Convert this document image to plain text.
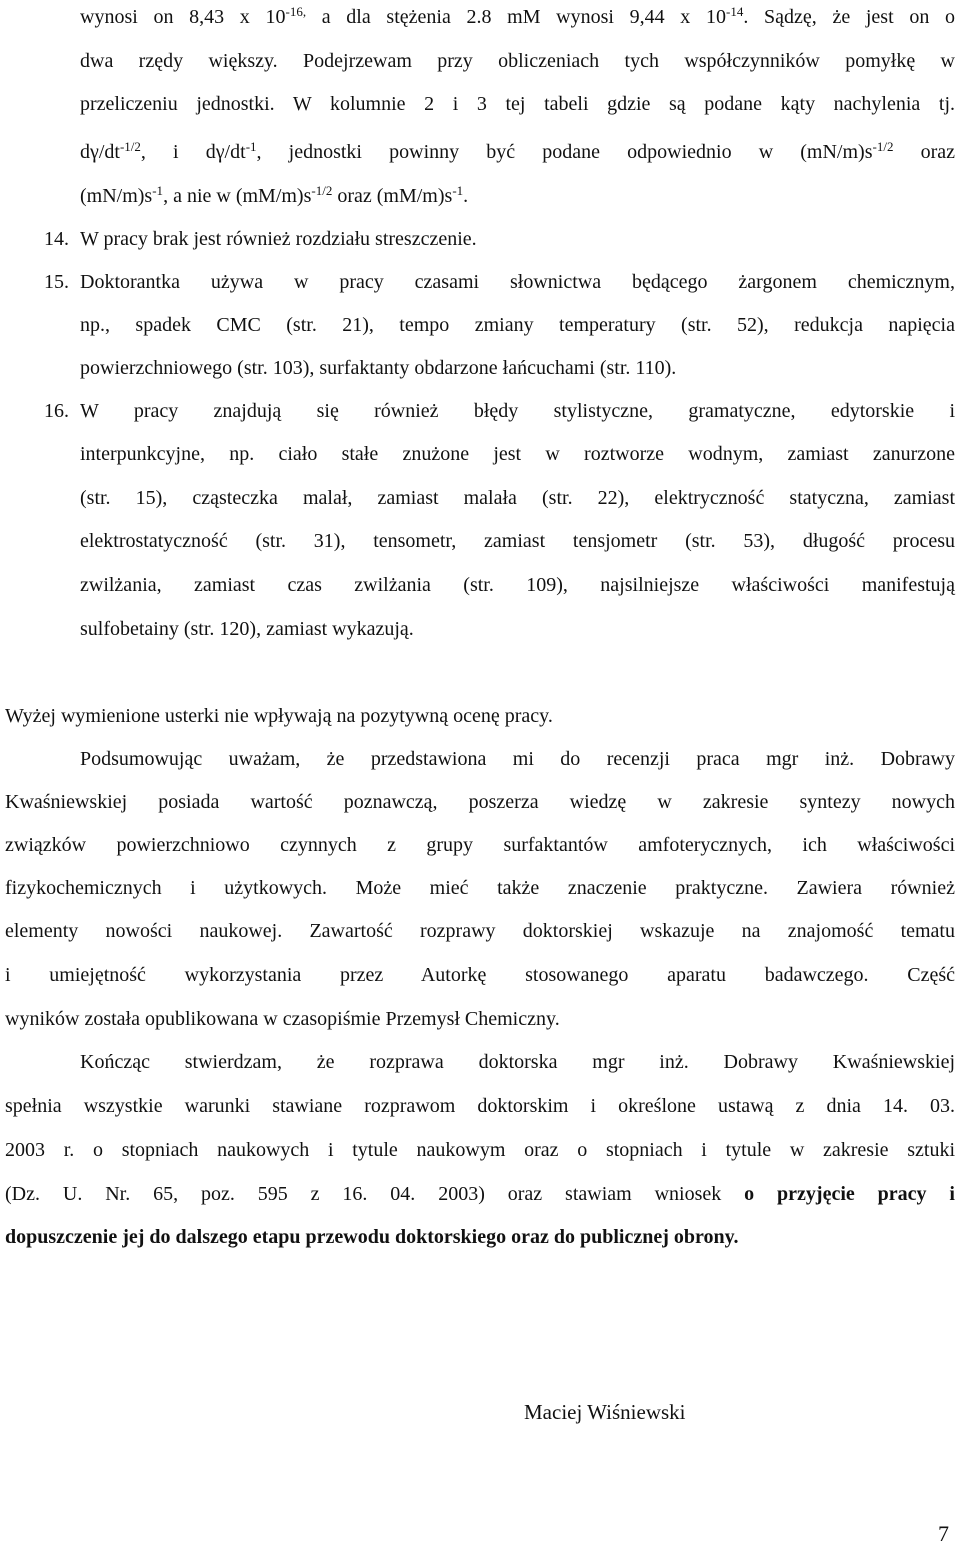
wynosi on 8,43 x $10^{-16,}$ a dla stężenia 2.8 mM wynosi 9,44 x $10^{-14}$. Sądzę, że jest on o
dwa rzędy większy. Podejrzewam przy obliczeniach tych współczynników pomyłkę w
przeliczeniu jednostki. W kolumnie 2 i 3 tej tabeli gdzie są podane kąty nachylenia tj.
$d\gamma/dt^{-1/2}$, i $d\gamma/dt^{-1}$, jednostki powinny być podane odpowiednio w $(mN/m)s^{-1/2}$ oraz
$(mN/m)s^{-1}$, a nie w $(mM/m)s^{-1/2}$ oraz $(mM/m)s^{-1}$.
14. W pracy brak jest również rozdziału streszczenie.
15. Doktorantka używa w pracy czasami słownictwa będącego żargonem chemicznym,
np., spadek CMC (str. 21), tempo zmiany temperatury (str. 52), redukcja napięcia
powierzchniowego (str. 103), surfaktanty obdarzone łańcuchami (str. 110).
16. W pracy znajdują się również błędy stylistyczne, gramatyczne, edytorskie i
interpunkcyjne, np. ciało stałe znużone jest w roztworze wodnym, zamiast zanurzone
(str. 15), cząsteczka malał, zamiast malała (str. 22), elektryczność statyczna, zamiast
elektrostatyczność (str. 31), tensometr, zamiast tensjometr (str. 53), długość procesu
zwilżania, zamiast czas zwilżania (str. 109), najsilniejsze właściwości manifestują
sulfobetainy (str. 120), zamiast wykazują.
Wyżej wymienione usterki nie wpływają na pozytywną ocenę pracy.
Podsumowując uważam, że przedstawiona mi do recenzji praca mgr inż. Dobrawy
Kwaśniewskiej posiada wartość poznawczą, poszerza wiedzę w zakresie syntezy nowych
związków powierzchniowo czynnych z grupy surfaktantów amfoterycznych, ich właściwości
fizykochemicznych i użytkowych. Może mieć także znaczenie praktyczne. Zawiera również
elementy nowości naukowej. Zawartość rozprawy doktorskiej wskazuje na znajomość tematu
i umiejętność wykorzystania przez Autorkę stosowanego aparatu badawczego. Część
wyników została opublikowana w czasopiśmie Przemysł Chemiczny.
Kończąc stwierdzam, że rozprawa doktorska mgr inż. Dobrawy Kwaśniewskiej
spełnia wszystkie warunki stawiane rozprawom doktorskim i określone ustawą z dnia 14. 03.
2003 r. o stopniach naukowych i tytule naukowym oraz o stopniach i tytule w zakresie sztuki
(Dz. U. Nr. 65, poz. 595 z 16. 04. 2003) oraz stawiam wniosek o przyjęcie pracy i
dopuszczenie jej do dalszego etapu przewodu doktorskiego oraz do publicznej obrony.
Maciej Wiśniewski
7
